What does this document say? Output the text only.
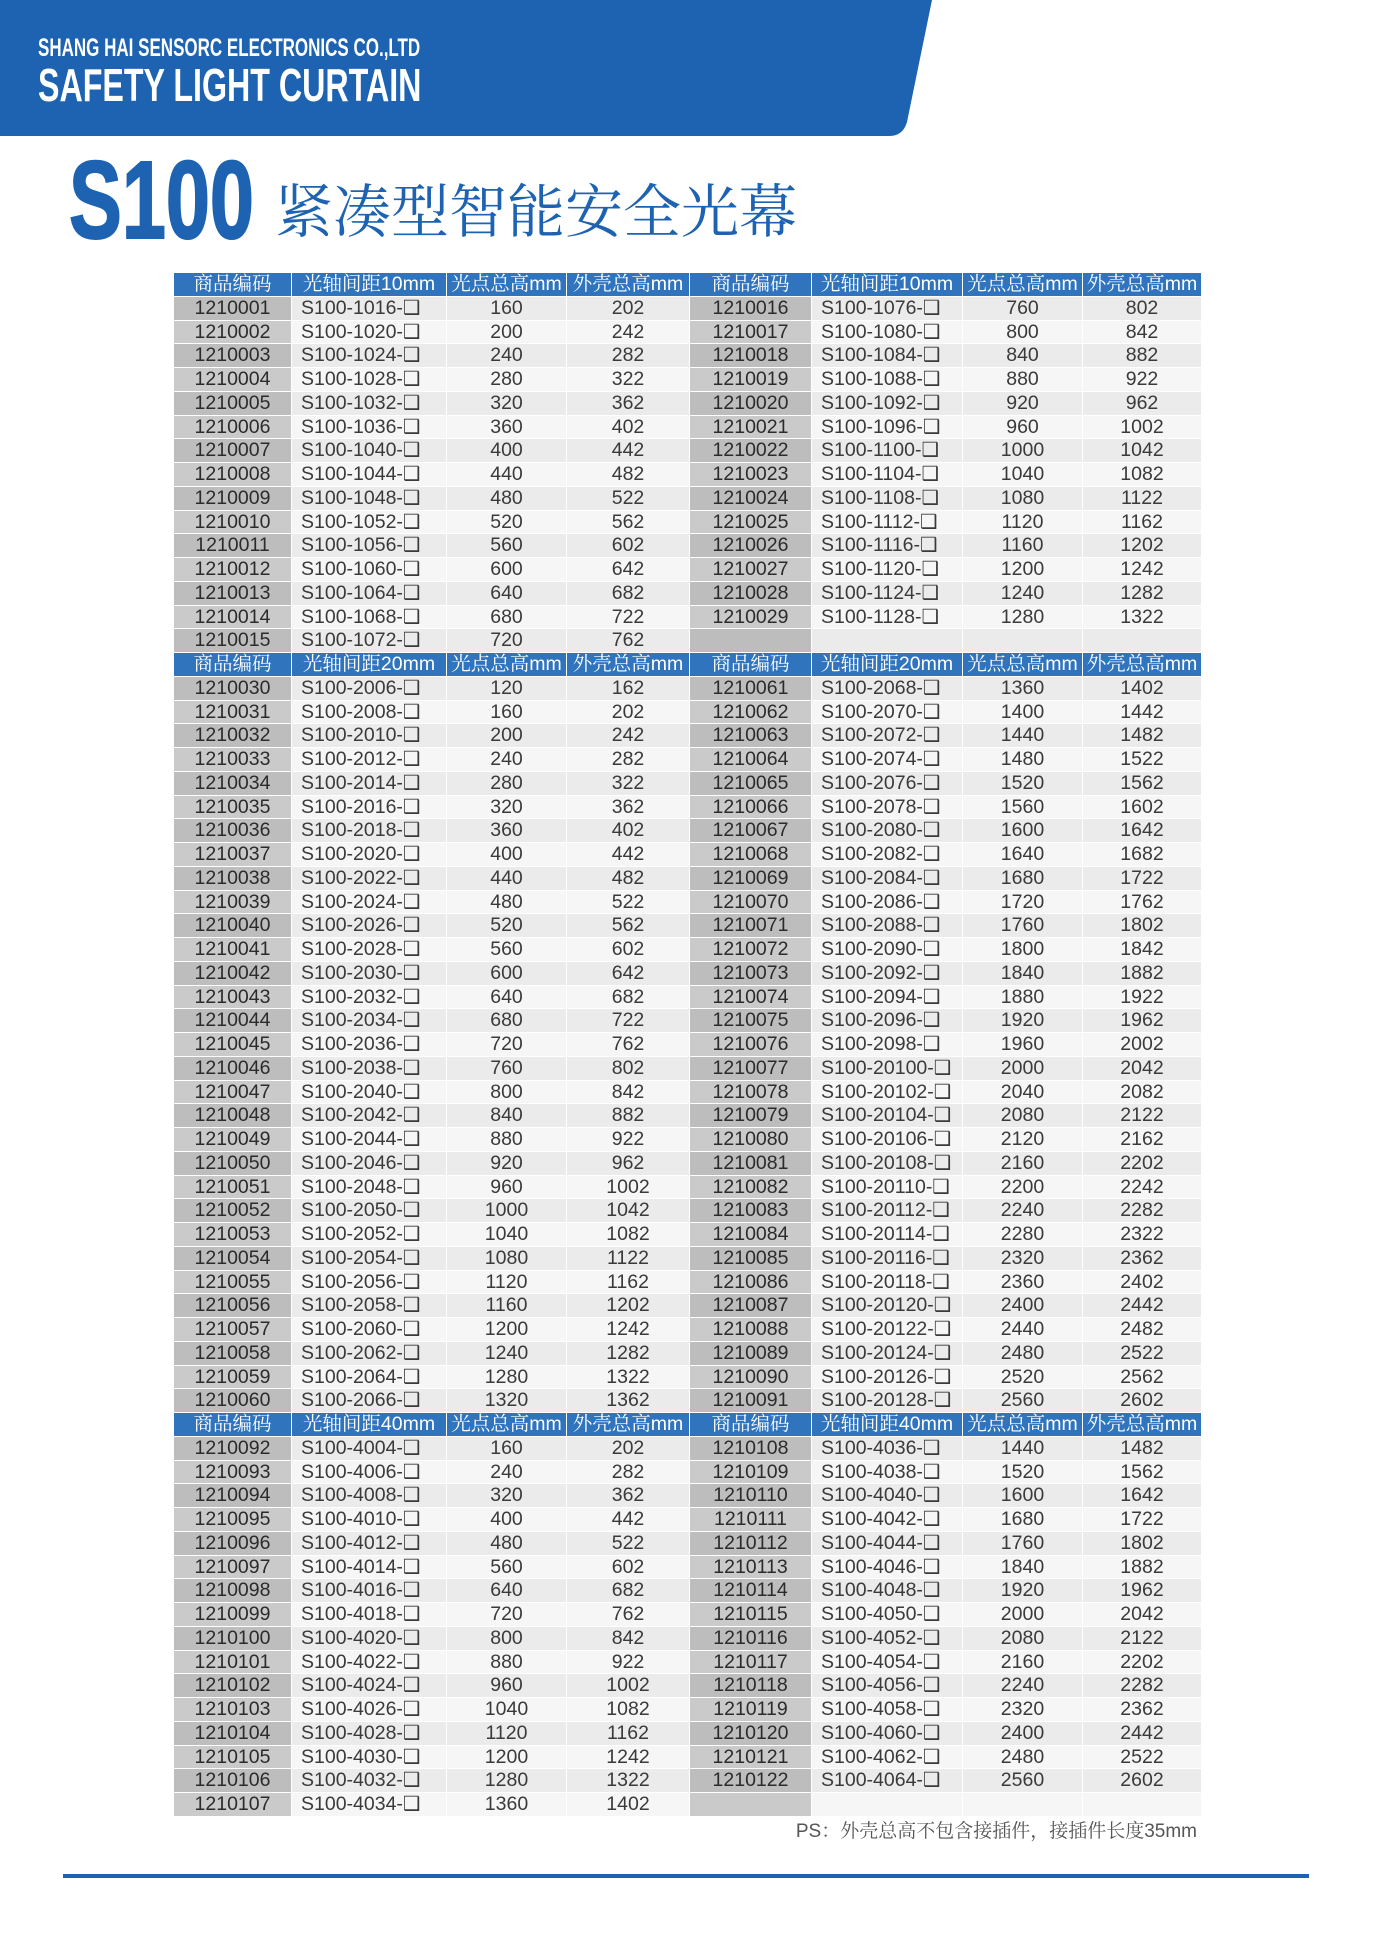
SHANG HAI SENSORC ELECTRONICS CO.,LTD
SAFETY LIGHT CURTAIN
S100 紧凑型智能安全光幕
商品编码	光轴间距10mm 光点总高mm 外壳总高mm	商品编码	光轴间距10mm 光点总高mm 外壳总高mm
1210001	S100-1016-❑	160	202	1210016	S100-1076-❑	760	802
1210002	S100-1020-❑	200	242	1210017	S100-1080-❑	800	842
1210003	S100-1024-❑	240	282	1210018	S100-1084-❑	840	882
1210004	S100-1028-❑	280	322	1210019	S100-1088-❑	880	922
1210005	S100-1032-❑	320	362	1210020	S100-1092-❑	920	962
1210006	S100-1036-❑	360	402	1210021	S100-1096-❑	960	1002
1210007	S100-1040-❑	400	442	1210022	S100-1100-❑	1000	1042
1210008	S100-1044-❑	440	482	1210023	S100-1104-❑	1040	1082
1210009	S100-1048-❑	480	522	1210024	S100-1108-❑	1080	1122
1210010	S100-1052-❑	520	562	1210025	S100-1112-❑	1120	1162
1210011	S100-1056-❑	560	602	1210026	S100-1116-❑	1160	1202
1210012	S100-1060-❑	600	642	1210027	S100-1120-❑	1200	1242
1210013	S100-1064-❑	640	682	1210028	S100-1124-❑	1240	1282
1210014	S100-1068-❑	680	722	1210029	S100-1128-❑	1280	1322
1210015	S100-1072-❑	720	762
商品编码	光轴间距20mm 光点总高mm 外壳总高mm	商品编码	光轴间距20mm 光点总高mm 外壳总高mm
1210030	S100-2006-❑	120	162	1210061	S100-2068-❑	1360	1402
1210031	S100-2008-❑	160	202	1210062	S100-2070-❑	1400	1442
1210032	S100-2010-❑	200	242	1210063	S100-2072-❑	1440	1482
1210033	S100-2012-❑	240	282	1210064	S100-2074-❑	1480	1522
1210034	S100-2014-❑	280	322	1210065	S100-2076-❑	1520	1562
1210035	S100-2016-❑	320	362	1210066	S100-2078-❑	1560	1602
1210036	S100-2018-❑	360	402	1210067	S100-2080-❑	1600	1642
1210037	S100-2020-❑	400	442	1210068	S100-2082-❑	1640	1682
1210038	S100-2022-❑	440	482	1210069	S100-2084-❑	1680	1722
1210039	S100-2024-❑	480	522	1210070	S100-2086-❑	1720	1762
1210040	S100-2026-❑	520	562	1210071	S100-2088-❑	1760	1802
1210041	S100-2028-❑	560	602	1210072	S100-2090-❑	1800	1842
1210042	S100-2030-❑	600	642	1210073	S100-2092-❑	1840	1882
1210043	S100-2032-❑	640	682	1210074	S100-2094-❑	1880	1922
1210044	S100-2034-❑	680	722	1210075	S100-2096-❑	1920	1962
1210045	S100-2036-❑	720	762	1210076	S100-2098-❑	1960	2002
1210046	S100-2038-❑	760	802	1210077	S100-20100-❑	2000	2042
1210047	S100-2040-❑	800	842	1210078	S100-20102-❑	2040	2082
1210048	S100-2042-❑	840	882	1210079	S100-20104-❑	2080	2122
1210049	S100-2044-❑	880	922	1210080	S100-20106-❑	2120	2162
1210050	S100-2046-❑	920	962	1210081	S100-20108-❑	2160	2202
1210051	S100-2048-❑	960	1002	1210082	S100-20110-❑	2200	2242
1210052	S100-2050-❑	1000	1042	1210083	S100-20112-❑	2240	2282
1210053	S100-2052-❑	1040	1082	1210084	S100-20114-❑	2280	2322
1210054	S100-2054-❑	1080	1122	1210085	S100-20116-❑	2320	2362
1210055	S100-2056-❑	1120	1162	1210086	S100-20118-❑	2360	2402
1210056	S100-2058-❑	1160	1202	1210087	S100-20120-❑	2400	2442
1210057	S100-2060-❑	1200	1242	1210088	S100-20122-❑	2440	2482
1210058	S100-2062-❑	1240	1282	1210089	S100-20124-❑	2480	2522
1210059	S100-2064-❑	1280	1322	1210090	S100-20126-❑	2520	2562
1210060	S100-2066-❑	1320	1362	1210091	S100-20128-❑	2560	2602
商品编码	光轴间距40mm 光点总高mm 外壳总高mm	商品编码	光轴间距40mm 光点总高mm 外壳总高mm
1210092	S100-4004-❑	160	202	1210108	S100-4036-❑	1440	1482
1210093	S100-4006-❑	240	282	1210109	S100-4038-❑	1520	1562
1210094	S100-4008-❑	320	362	1210110	S100-4040-❑	1600	1642
1210095	S100-4010-❑	400	442	1210111	S100-4042-❑	1680	1722
1210096	S100-4012-❑	480	522	1210112	S100-4044-❑	1760	1802
1210097	S100-4014-❑	560	602	1210113	S100-4046-❑	1840	1882
1210098	S100-4016-❑	640	682	1210114	S100-4048-❑	1920	1962
1210099	S100-4018-❑	720	762	1210115	S100-4050-❑	2000	2042
1210100	S100-4020-❑	800	842	1210116	S100-4052-❑	2080	2122
1210101	S100-4022-❑	880	922	1210117	S100-4054-❑	2160	2202
1210102	S100-4024-❑	960	1002	1210118	S100-4056-❑	2240	2282
1210103	S100-4026-❑	1040	1082	1210119	S100-4058-❑	2320	2362
1210104	S100-4028-❑	1120	1162	1210120	S100-4060-❑	2400	2442
1210105	S100-4030-❑	1200	1242	1210121	S100-4062-❑	2480	2522
1210106	S100-4032-❑	1280	1322	1210122	S100-4064-❑	2560	2602
1210107	S100-4034-❑	1360	1402
PS：外壳总高不包含接插件，接插件长度35mm
